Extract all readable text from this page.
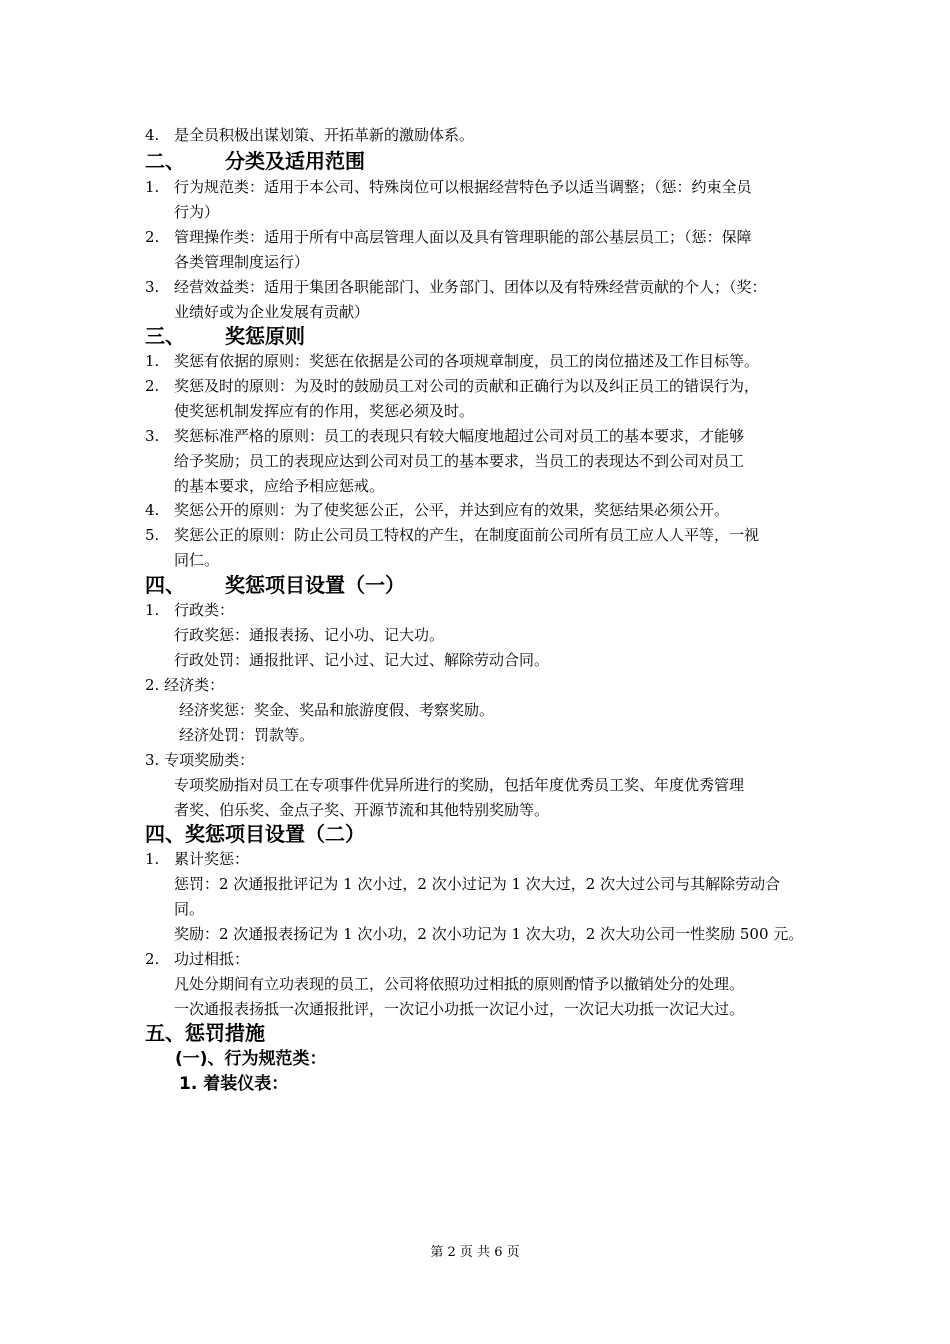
4. 是全员积极出谋划策、开拓革新的激励体系。
二、 分类及适用范围
1. 行为规范类：适用于本公司、特殊岗位可以根据经营特色予以适当调整；（惩：约束全员
行为）
2. 管理操作类：适用于所有中高层管理人面以及具有管理职能的部公基层员工；（惩：保障
各类管理制度运行）
3. 经营效益类：适用于集团各职能部门、业务部门、团体以及有特殊经营贡献的个人；（奖：
业绩好或为企业发展有贡献）
三、 奖惩原则
1. 奖惩有依据的原则：奖惩在依据是公司的各项规章制度，员工的岗位描述及工作目标等。
2. 奖惩及时的原则：为及时的鼓励员工对公司的贡献和正确行为以及纠正员工的错误行为，
使奖惩机制发挥应有的作用，奖惩必须及时。
3. 奖惩标准严格的原则：员工的表现只有较大幅度地超过公司对员工的基本要求，才能够
给予奖励；员工的表现应达到公司对员工的基本要求，当员工的表现达不到公司对员工
的基本要求，应给予相应惩戒。
4. 奖惩公开的原则：为了使奖惩公正，公平，并达到应有的效果，奖惩结果必须公开。
5. 奖惩公正的原则：防止公司员工特权的产生，在制度面前公司所有员工应人人平等，一视
同仁。
四、 奖惩项目设置（一）
1. 行政类：
行政奖惩：通报表扬、记小功、记大功。
行政处罚：通报批评、记小过、记大过、解除劳动合同。
2. 经济类：
经济奖惩：奖金、奖品和旅游度假、考察奖励。
经济处罚：罚款等。
3. 专项奖励类：
专项奖励指对员工在专项事件优异所进行的奖励，包括年度优秀员工奖、年度优秀管理
者奖、伯乐奖、金点子奖、开源节流和其他特别奖励等。
四、奖惩项目设置（二）
1. 累计奖惩：
惩罚：2 次通报批评记为 1 次小过，2 次小过记为 1 次大过，2 次大过公司与其解除劳动合
同。
奖励：2 次通报表扬记为 1 次小功，2 次小功记为 1 次大功，2 次大功公司一性奖励 500 元。
2. 功过相抵：
凡处分期间有立功表现的员工，公司将依照功过相抵的原则酌情予以撤销处分的处理。
一次通报表扬抵一次通报批评，一次记小功抵一次记小过，一次记大功抵一次记大过。
五、惩罚措施
(一)、行为规范类：
1. 着装仪表：
第 2 页 共 6 页
